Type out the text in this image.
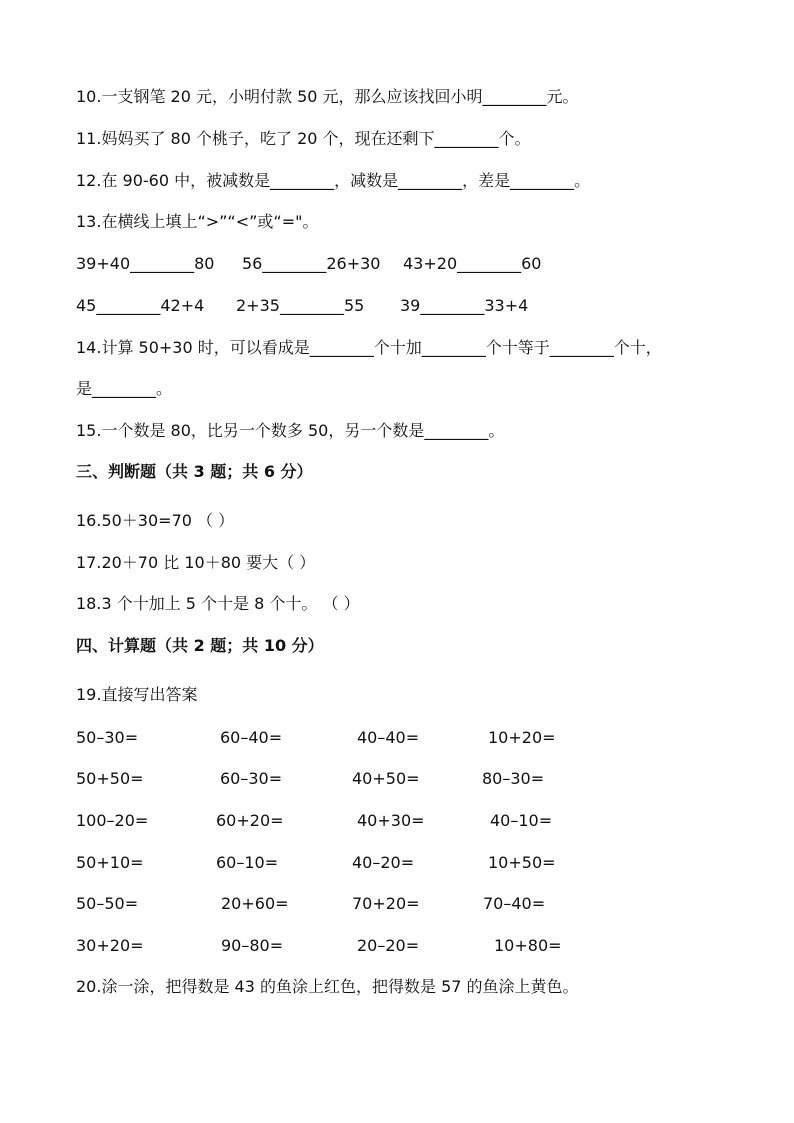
10.一支钢笔 20 元，小明付款 50 元，那么应该找回小明________元。
11.妈妈买了 80 个桃子，吃了 20 个，现在还剩下________个。
12.在 90-60 中，被减数是________，减数是________，差是________。
13.在横线上填上“>”“<”或“="。
39+40________80 56________26+30 43+20________60
45________42+4 2+35________55 39________33+4
14.计算 50+30 时，可以看成是________个十加________个十等于________个十，
是________。
15.一个数是 80，比另一个数多 50，另一个数是________。
三、判断题（共 3 题；共 6 分）
16.50＋30=70 （ ）
17.20＋70 比 10＋80 要大（ ）
18.3 个十加上 5 个十是 8 个十。 （ ）
四、计算题（共 2 题；共 10 分）
19.直接写出答案
50–30=	60–40=	40–40=	10+20=
50+50=	60–30=	40+50=	80–30=
100–20=	60+20=	40+30=	40–10=
50+10=	60–10=	40–20=	10+50=
50–50=	20+60=	70+20=	70–40=
30+20=	90–80=	20–20=	10+80=
20.涂一涂，把得数是 43 的鱼涂上红色，把得数是 57 的鱼涂上黄色。
